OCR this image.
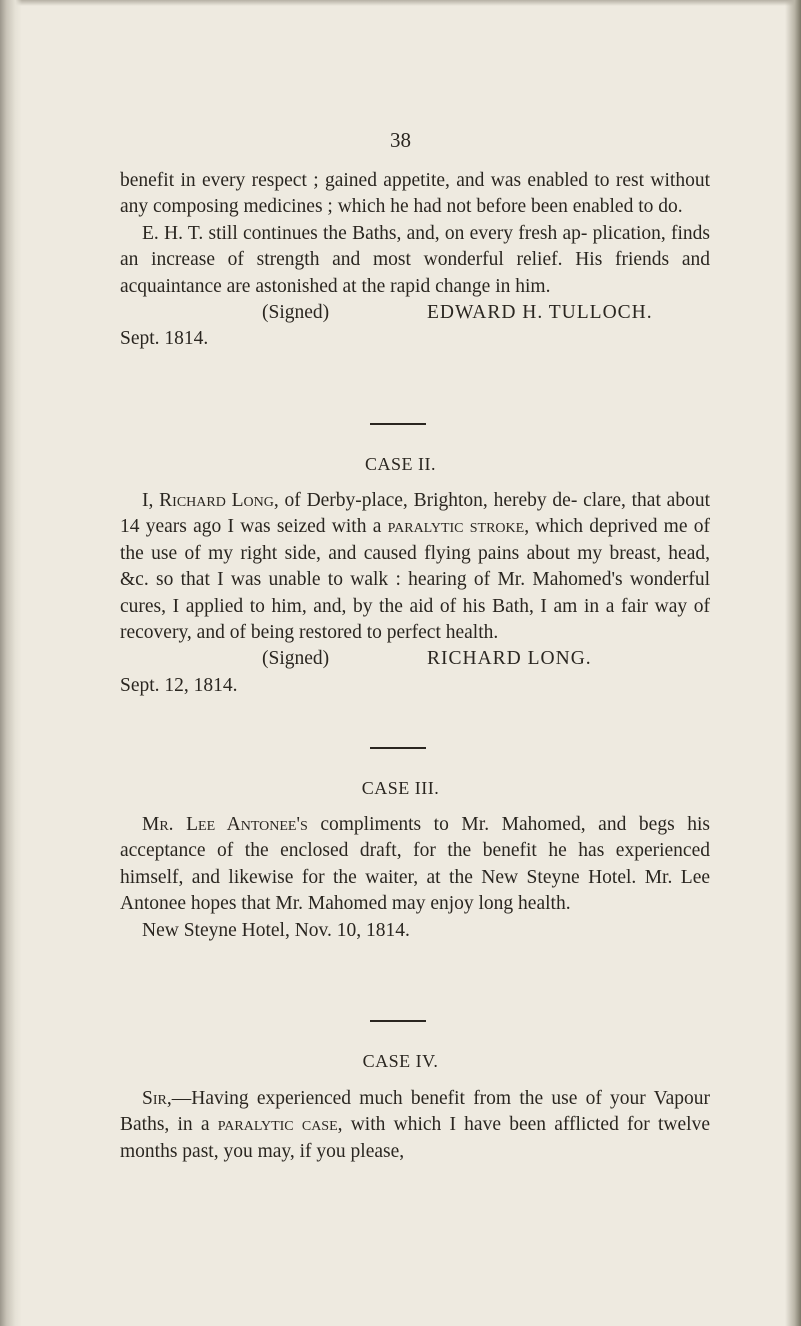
38

benefit in every respect ; gained appetite, and was enabled to rest without any composing medicines ; which he had not before been enabled to do.

E. H. T. still continues the Baths, and, on every fresh ap- plication, finds an increase of strength and most wonderful relief. His friends and acquaintance are astonished at the rapid change in him.

(Signed)	EDWARD H. TULLOCH.

Sept. 1814.

CASE II.

I, Richard Long, of Derby-place, Brighton, hereby de- clare, that about 14 years ago I was seized with a paralytic stroke, which deprived me of the use of my right side, and caused flying pains about my breast, head, &c. so that I was unable to walk : hearing of Mr. Mahomed's wonderful cures, I applied to him, and, by the aid of his Bath, I am in a fair way of recovery, and of being restored to perfect health.

(Signed)	RICHARD LONG.

Sept. 12, 1814.

CASE III.

Mr. Lee Antonee's compliments to Mr. Mahomed, and begs his acceptance of the enclosed draft, for the benefit he has experienced himself, and likewise for the waiter, at the New Steyne Hotel. Mr. Lee Antonee hopes that Mr. Mahomed may enjoy long health.

New Steyne Hotel, Nov. 10, 1814.

CASE IV.

Sir,—Having experienced much benefit from the use of your Vapour Baths, in a paralytic case, with which I have been afflicted for twelve months past, you may, if you please,
